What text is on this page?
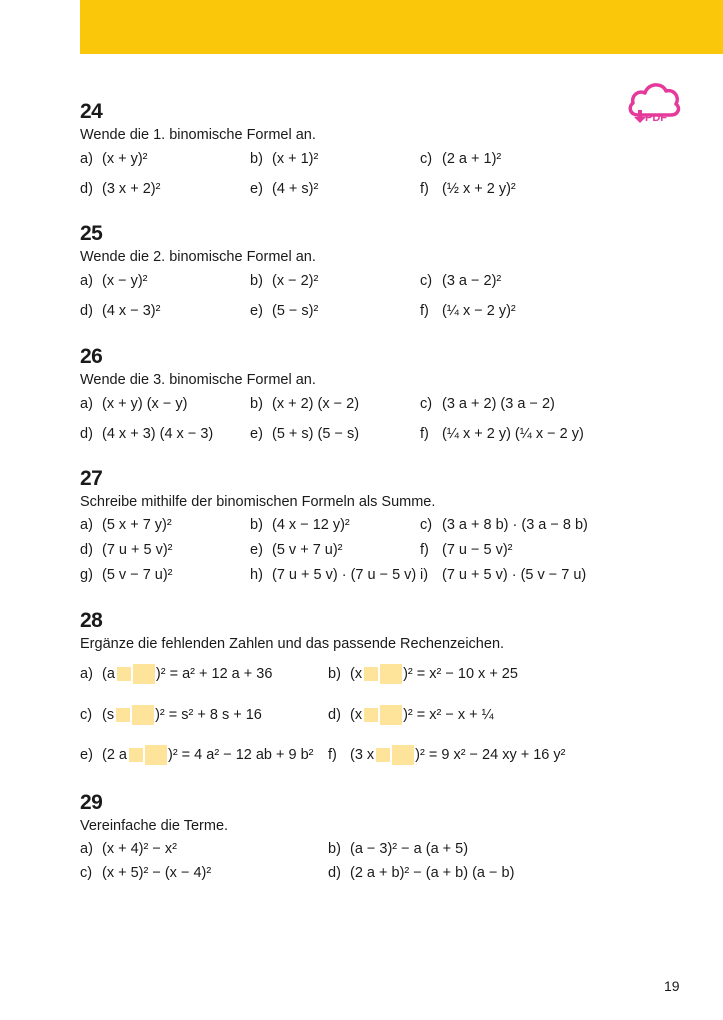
PDF
24
Wende die 1. binomische Formel an.
a) (x + y)²	b) (x + 1)²	c) (2 a + 1)²
d) (3 x + 2)²	e) (4 + s)²	f) (½ x + 2 y)²
25
Wende die 2. binomische Formel an.
a) (x − y)²	b) (x − 2)²	c) (3 a − 2)²
d) (4 x − 3)²	e) (5 − s)²	f) (¼ x − 2 y)²
26
Wende die 3. binomische Formel an.
a) (x + y) (x − y)	b) (x + 2) (x − 2)	c) (3 a + 2) (3 a − 2)
d) (4 x + 3) (4 x − 3)	e) (5 + s) (5 − s)	f) (¼ x + 2 y) (¼ x − 2 y)
27
Schreibe mithilfe der binomischen Formeln als Summe.
a) (5 x + 7 y)²	b) (4 x − 12 y)²	c) (3 a + 8 b) · (3 a − 8 b)
d) (7 u + 5 v)²	e) (5 v + 7 u)²	f) (7 u − 5 v)²
g) (5 v − 7 u)²	h) (7 u + 5 v) · (7 u − 5 v) i) (7 u + 5 v) · (5 v − 7 u)
28
Ergänze die fehlenden Zahlen und das passende Rechenzeichen.
a) (a	)² = a² + 12 a + 36	b) (x	)² = x² − 10 x + 25
c) (s	)² = s² + 8 s + 16	d) (x	)² = x² − x + ¼
e) (2 a	)² = 4 a² − 12 ab + 9 b² f) (3 x	)² = 9 x² − 24 xy + 16 y²
29
Vereinfache die Terme.
a) (x + 4)² − x²	b) (a − 3)² − a (a + 5)
c) (x + 5)² − (x − 4)²	d) (2 a + b)² − (a + b) (a − b)
19
